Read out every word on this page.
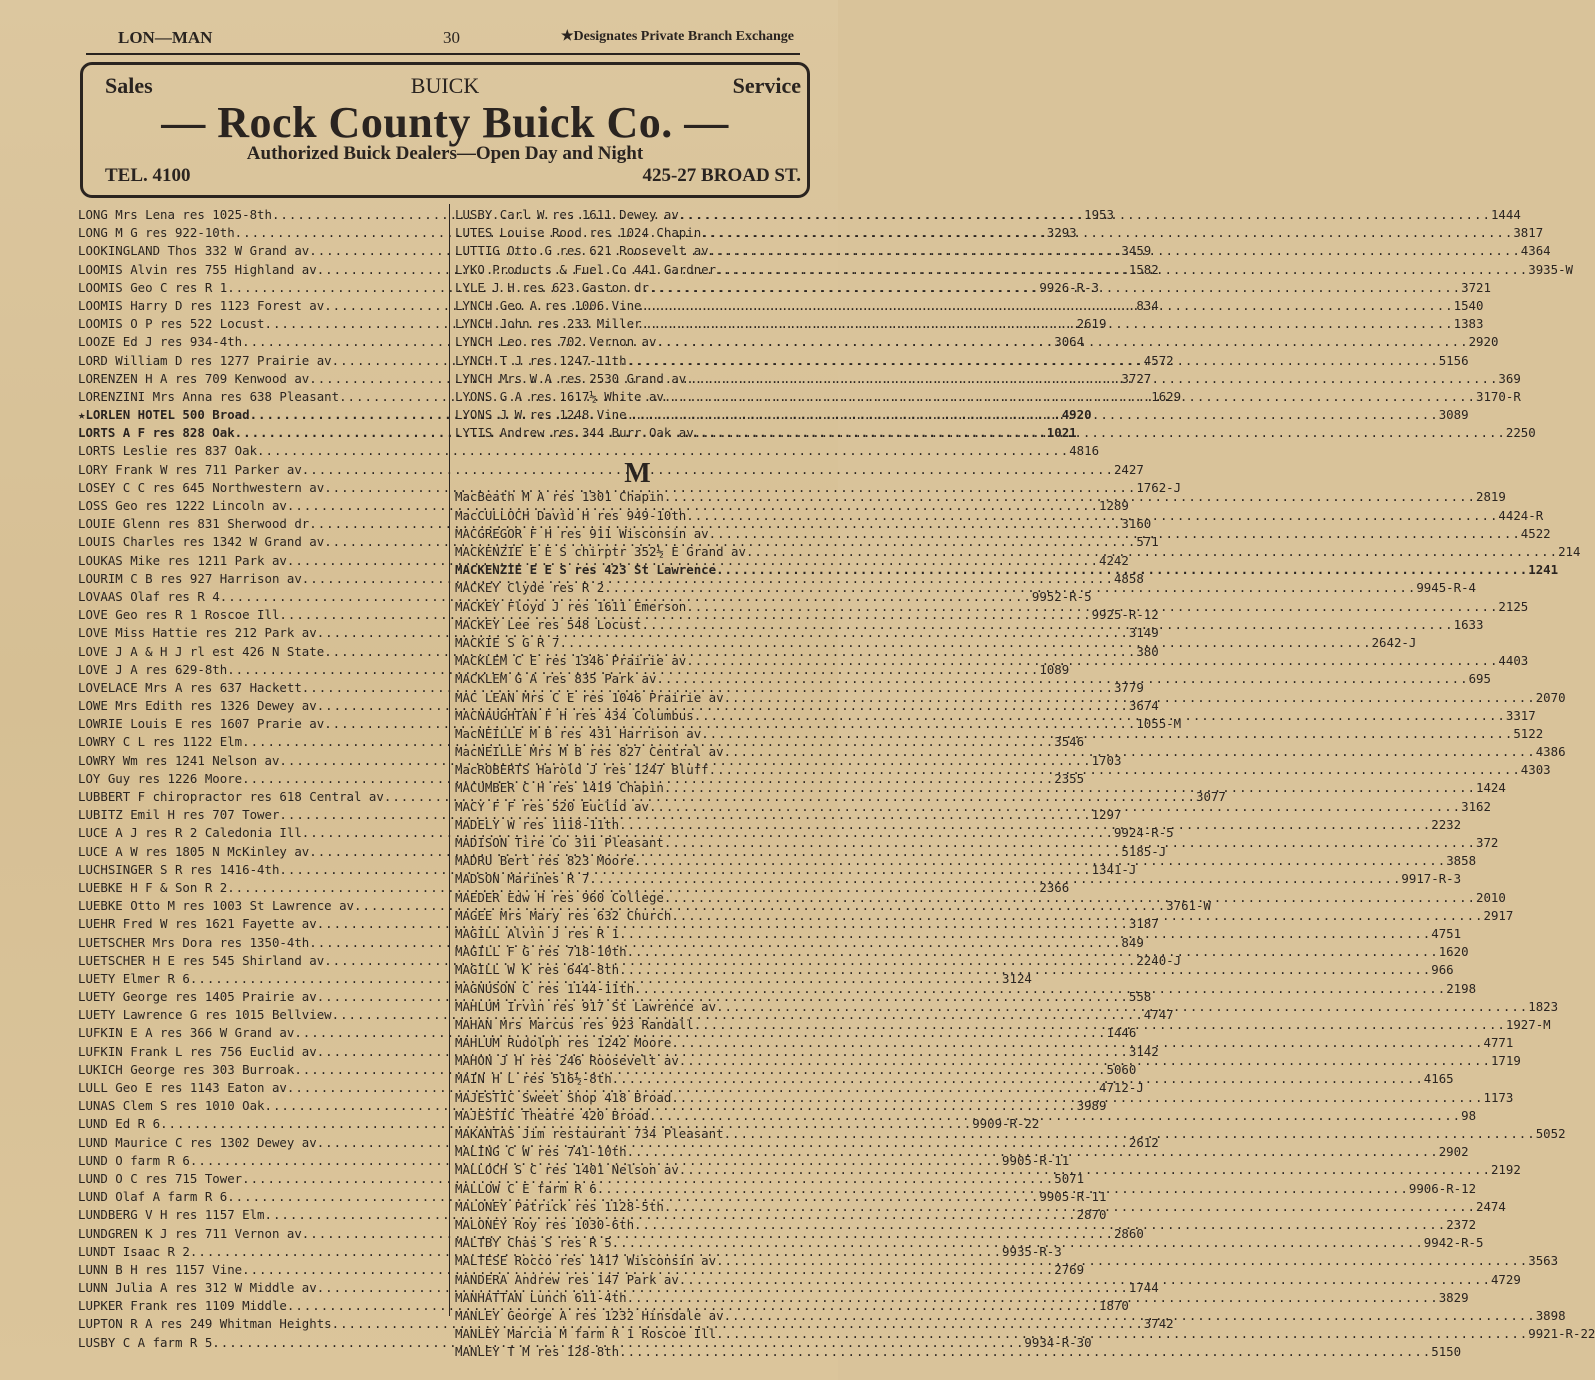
LON—MAN	30	★Designates Private Branch Exchange
Sales	BUICK	Service
— Rock County Buick Co. —
Authorized Buick Dealers—Open Day and Night
TEL. 4100	425-27 BROAD ST.
LONG Mrs Lena res 1025-8th .....	1953
LONG M G res 922-10th .....	3293
LOOKINGLAND Thos 332 W Grand av .....	3459
LOOMIS Alvin res 755 Highland av .....	1582
LOOMIS Geo C res R 1 .....	9926-R-3
LOOMIS Harry D res 1123 Forest av .....	834
LOOMIS O P res 522 Locust .....	2619
LOOZE Ed J res 934-4th .....	3064
LORD William D res 1277 Prairie av .....	4572
LORENZEN H A res 709 Kenwood av .....	3727
LORENZINI Mrs Anna res 638 Pleasant .....	1629
★LORLEN HOTEL 500 Broad .....	4920
LORTS A F res 828 Oak .....	1021
LORTS Leslie res 837 Oak .....	4816
LORY Frank W res 711 Parker av .....	2427
LOSEY C C res 645 Northwestern av .....	1762-J
LOSS Geo res 1222 Lincoln av .....	1289
LOUIE Glenn res 831 Sherwood dr .....	3160
LOUIS Charles res 1342 W Grand av .....	571
LOUKAS Mike res 1211 Park av .....	4242
LOURIM C B res 927 Harrison av .....	4858
LOVAAS Olaf res R 4 .....	9952-R-5
LOVE Geo res R 1 Roscoe Ill .....	9925-R-12
LOVE Miss Hattie res 212 Park av .....	3149
LOVE J A & H J rl est 426 N State .....	380
LOVE J A res 629-8th .....	1089
LOVELACE Mrs A res 637 Hackett .....	3779
LOWE Mrs Edith res 1326 Dewey av .....	3674
LOWRIE Louis E res 1607 Prarie av .....	1055-M
LOWRY C L res 1122 Elm .....	3546
LOWRY Wm res 1241 Nelson av .....	1703
LOY Guy res 1226 Moore .....	2355
LUBBERT F chiropractor res 618 Central av .....	3077
LUBITZ Emil H res 707 Tower .....	1297
LUCE A J res R 2 Caledonia Ill .....	9924-R-5
LUCE A W res 1805 N McKinley av .....	5185-J
LUCHSINGER S R res 1416-4th .....	1341-J
LUEBKE H F & Son R 2 .....	2366
LUEBKE Otto M res 1003 St Lawrence av .....	3761-W
LUEHR Fred W res 1621 Fayette av .....	3187
LUETSCHER Mrs Dora res 1350-4th .....	849
LUETSCHER H E res 545 Shirland av .....	2240-J
LUETY Elmer R 6 .....	3124
LUETY George res 1405 Prairie av .....	558
LUETY Lawrence G res 1015 Bellview .....	4747
LUFKIN E A res 366 W Grand av .....	1446
LUFKIN Frank L res 756 Euclid av .....	3142
LUKICH George res 303 Burroak .....	5060
LULL Geo E res 1143 Eaton av .....	4712-J
LUNAS Clem S res 1010 Oak .....	3989
LUND Ed R 6 .....	9909-R-22
LUND Maurice C res 1302 Dewey av .....	2612
LUND O farm R 6 .....	9905-R-11
LUND O C res 715 Tower .....	5071
LUND Olaf A farm R 6 .....	9905-R-11
LUNDBERG V H res 1157 Elm .....	2870
LUNDGREN K J res 711 Vernon av .....	2860
LUNDT Isaac R 2 .....	9935-R-3
LUNN B H res 1157 Vine .....	2769
LUNN Julia A res 312 W Middle av .....	1744
LUPKER Frank res 1109 Middle .....	1870
LUPTON R A res 249 Whitman Heights .....	3742
LUSBY C A farm R 5 .....	9934-R-30
LUSBY Carl W res 1611 Dewey av .....	1444
LUTES Louise Rood res 1024 Chapin .....	3817
LUTTIG Otto G res 621 Roosevelt av .....	4364
LYKO Products & Fuel Co 441 Gardner .....	3935-W
LYLE J H res 623 Gaston dr .....	3721
LYNCH Geo A res 1006 Vine .....	1540
LYNCH John res 233 Miller .....	1383
LYNCH Leo res 702 Vernon av .....	2920
LYNCH T J res 1247-11th .....	5156
LYNCH Mrs W A res 2530 Grand av .....	369
LYONS G A res 1617½ White av .....	3170-R
LYONS J W res 1248 Vine .....	3089
LYTIS Andrew res 344 Burr Oak av .....	2250
M
MacBeath M A res 1301 Chapin .....	2819
MacCULLOCH David H res 949-10th .....	4424-R
MACGREGOR F H res 911 Wisconsin av .....	4522
MACKENZIE E E S chirptr 352½ E Grand av .....	214
MACKENZIE E E S res 423 St Lawrence .....	1241
MACKEY Clyde res R 2 .....	9945-R-4
MACKEY Floyd J res 1611 Emerson .....	2125
MACKEY Lee res 548 Locust .....	1633
MACKIE S G R 7 .....	2642-J
MACKLEM C E res 1346 Prairie av .....	4403
MACKLEM G A res 835 Park av .....	695
MAC LEAN Mrs C E res 1046 Prairie av .....	2070
MACNAUGHTAN F H res 434 Columbus .....	3317
MacNEILLE M B res 431 Harrison av .....	5122
MacNEILLE Mrs M B res 827 Central av .....	4386
MacROBERTS Harold J res 1247 Bluff .....	4303
MACUMBER C H res 1419 Chapin .....	1424
MACY F F res 520 Euclid av .....	3162
MADELY W res 1118-11th .....	2232
MADISON Tire Co 311 Pleasant .....	372
MADRU Bert res 823 Moore .....	3858
MADSON Marines R 7 .....	9917-R-3
MAEDER Edw H res 960 College .....	2010
MAGEE Mrs Mary res 632 Church .....	2917
MAGILL Alvin J res R 1 .....	4751
MAGILL F G res 718-10th .....	1620
MAGILL W K res 644-8th .....	966
MAGNUSON C res 1144-11th .....	2198
MAHLUM Irvin res 917 St Lawrence av .....	1823
MAHAN Mrs Marcus res 923 Randall .....	1927-M
MAHLUM Rudolph res 1242 Moore .....	4771
MAHON J H res 246 Roosevelt av .....	1719
MAIN H L res 516½-8th .....	4165
MAJESTIC Sweet Shop 418 Broad .....	1173
MAJESTIC Theatre 420 Broad .....	98
MAKANTAS Jim restaurant 734 Pleasant .....	5052
MALING C W res 741-10th .....	2902
MALLOCH S C res 1401 Nelson av .....	2192
MALLOW C E farm R 6 .....	9906-R-12
MALONEY Patrick res 1128-5th .....	2474
MALONEY Roy res 1030-6th .....	2372
MALTBY Chas S res R 5 .....	9942-R-5
MALTESE Rocco res 1417 Wisconsin av .....	3563
MANDERA Andrew res 147 Park av .....	4729
MANHATTAN Lunch 611-4th .....	3829
MANLEY George A res 1232 Hinsdale av .....	3898
MANLEY Marcia M farm R 1 Roscoe Ill .....	9921-R-22
MANLEY T M res 128-8th .....	5150
